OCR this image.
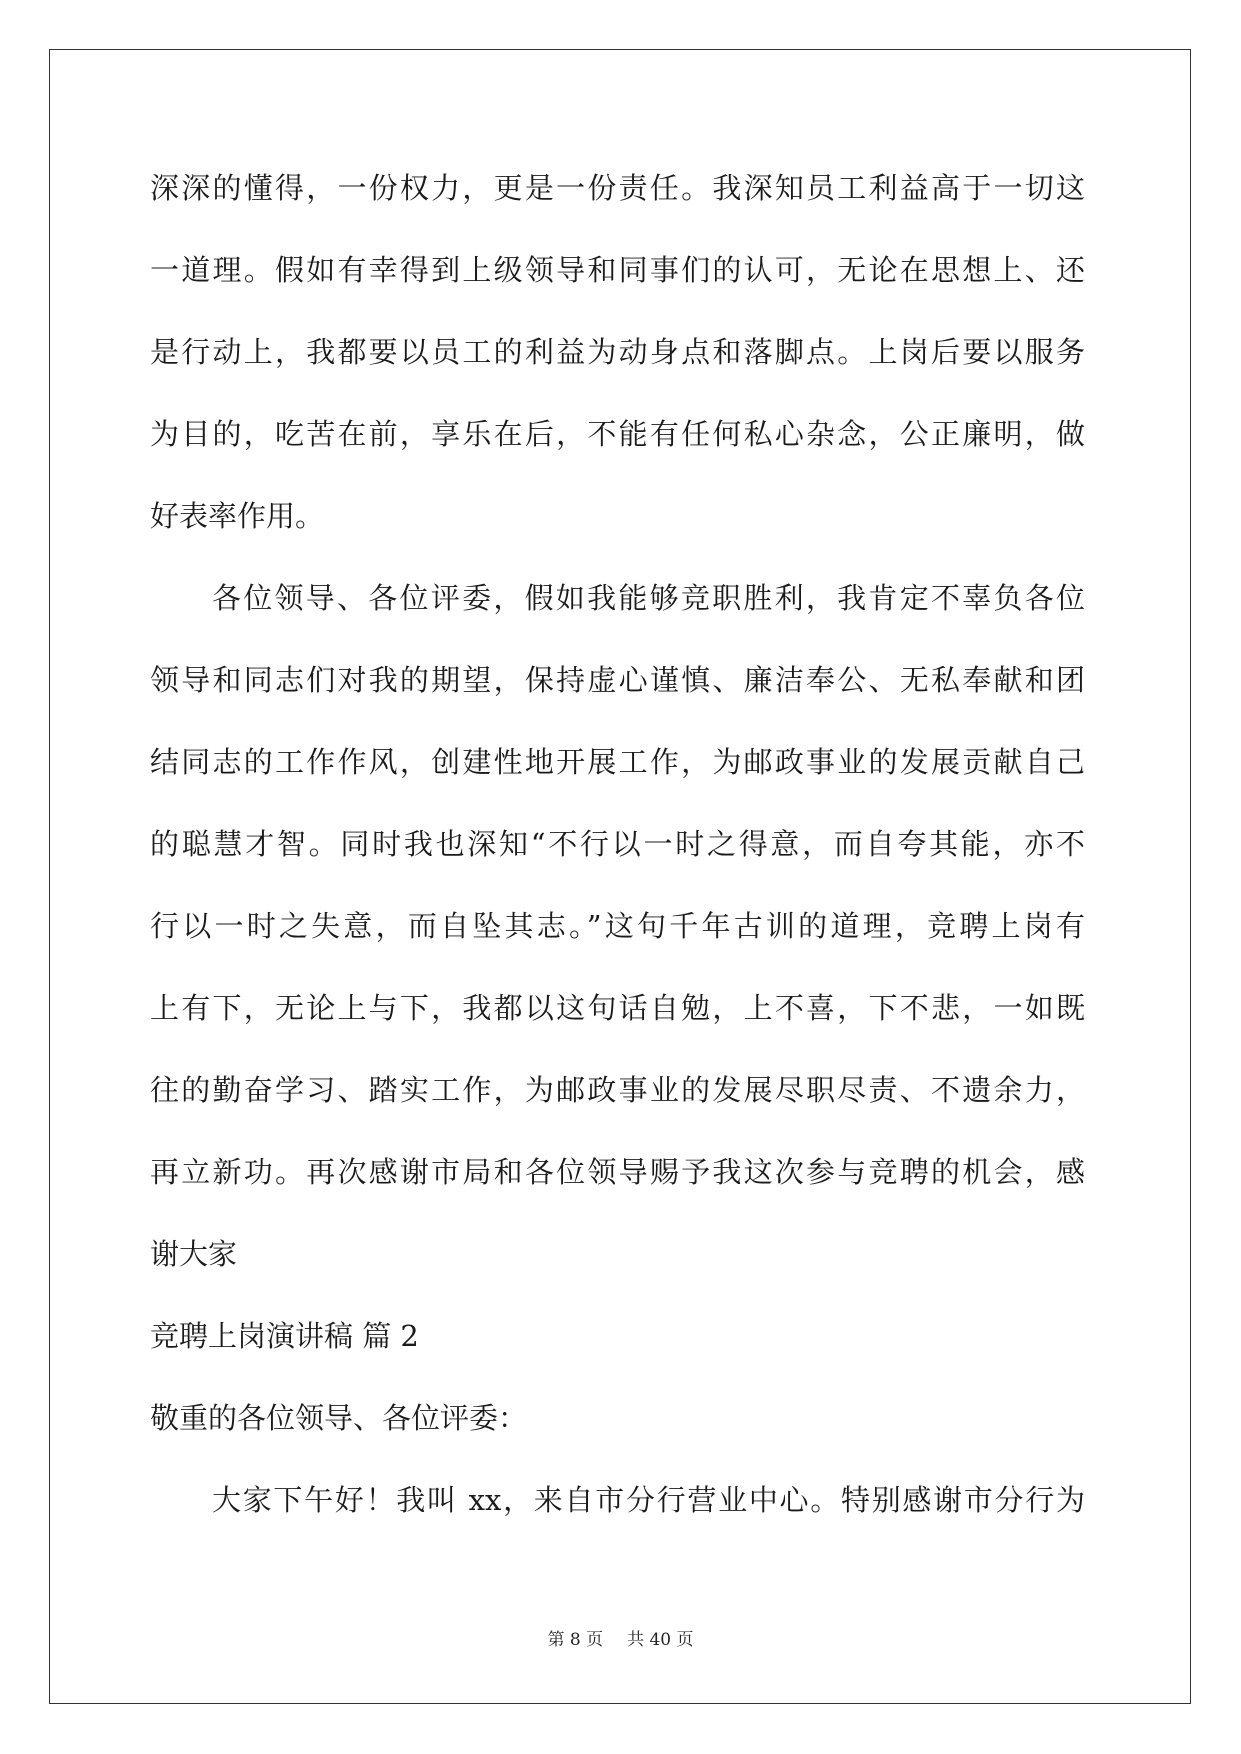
深深的懂得，一份权力，更是一份责任。我深知员工利益高于一切这
一道理。假如有幸得到上级领导和同事们的认可，无论在思想上、还
是行动上，我都要以员工的利益为动身点和落脚点。上岗后要以服务
为目的，吃苦在前，享乐在后，不能有任何私心杂念，公正廉明，做
好表率作用。
各位领导、各位评委，假如我能够竞职胜利，我肯定不辜负各位
领导和同志们对我的期望，保持虚心谨慎、廉洁奉公、无私奉献和团
结同志的工作作风，创建性地开展工作，为邮政事业的发展贡献自己
的聪慧才智。同时我也深知“不行以一时之得意，而自夸其能，亦不
行以一时之失意，而自坠其志。”这句千年古训的道理，竞聘上岗有
上有下，无论上与下，我都以这句话自勉，上不喜，下不悲，一如既
往的勤奋学习、踏实工作，为邮政事业的发展尽职尽责、不遗余力，
再立新功。再次感谢市局和各位领导赐予我这次参与竞聘的机会，感
谢大家
竞聘上岗演讲稿 篇 2
敬重的各位领导、各位评委：
大家下午好！我叫 xx，来自市分行营业中心。特别感谢市分行为
第 8 页 共 40 页
